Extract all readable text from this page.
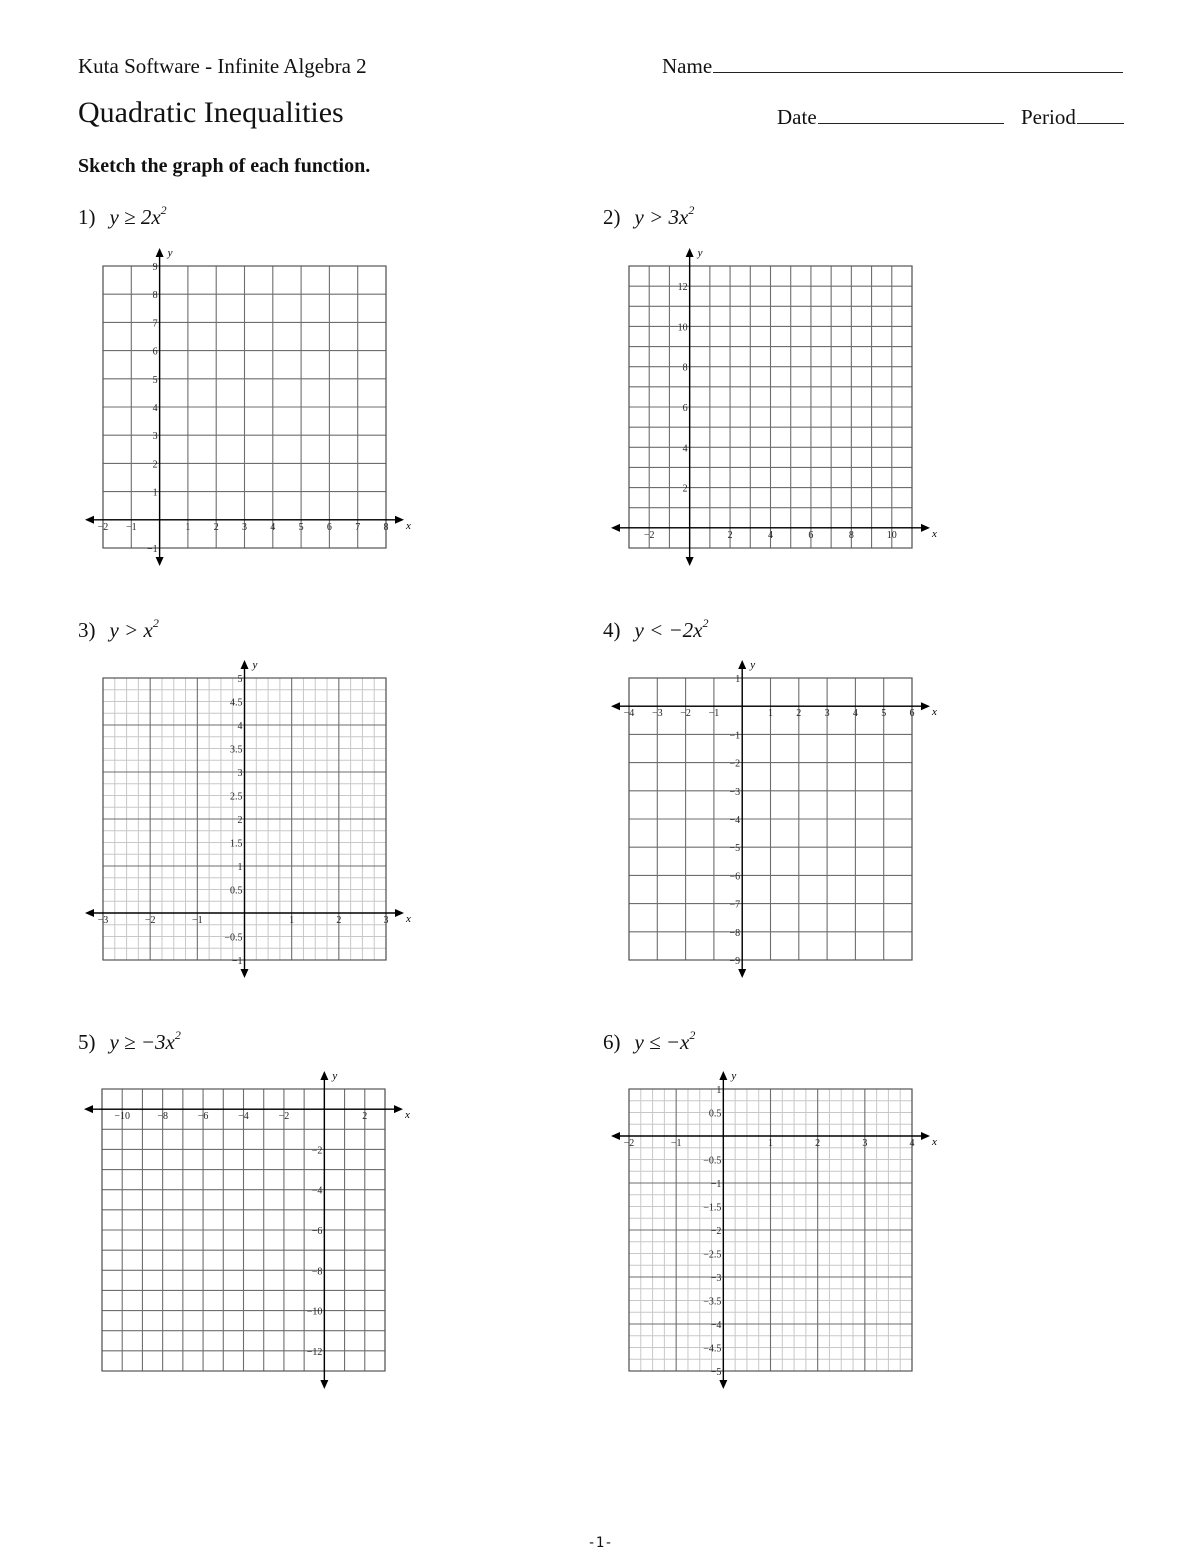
Kuta Software - Infinite Algebra 2
Quadratic Inequalities
Sketch the graph of each function.
Name
Date	Period
1) $y \ge 2x^2$	2) $y > 3x^2$
3) $y > x^2$	4) $y < -2x^2$
5) $y \ge -3x^2$	6) $y \le -x^2$
x
y
−2 −1	1 2 3 4 5 6 7 8
−1
1
2
3
4
5
6
7
8
9
x
y
−2	2	4	6	8	10
2
4
6
8
10
12
x
y
−3	−2	−1	1	2	3
−1
−0.5
0.5
1
1.5
2
2.5
3
3.5
4
4.5
5
x
y
−4 −3 −2 −1	1 2 3 4 5 6
−9
−8
−7
−6
−5
−4
−3
−2
−1
1
x
y
−10	−8	−6	−4	−2	2
−2
−4
−6
−8
−10
−12
x
y
−2	−1	1	2	3	4
1
0.5
−0.5
−1
−1.5
−2
−2.5
−3
−3.5
−4
−4.5
−5
-1-
